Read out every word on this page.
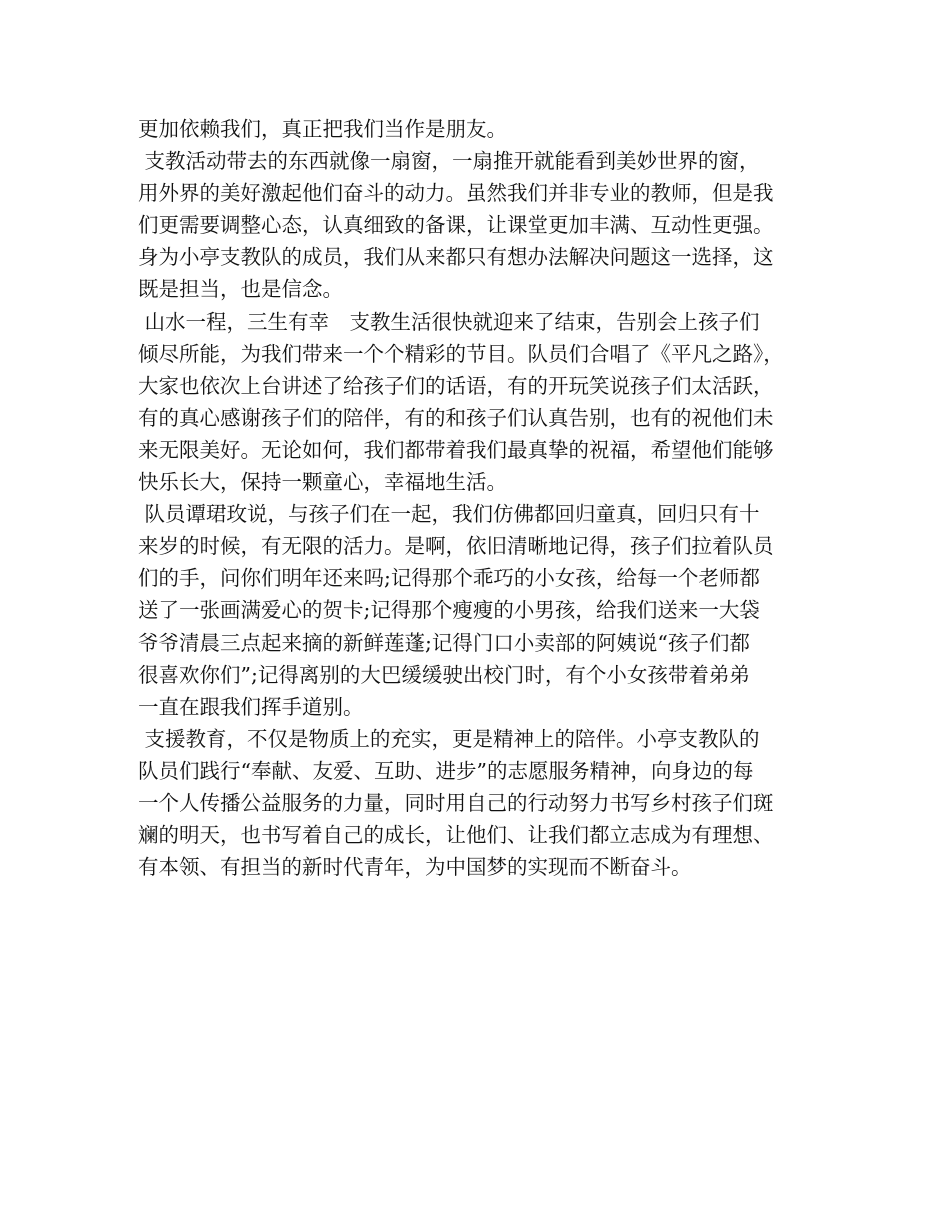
更加依赖我们，真正把我们当作是朋友。
支教活动带去的东西就像一扇窗，一扇推开就能看到美妙世界的窗，
用外界的美好激起他们奋斗的动力。虽然我们并非专业的教师，但是我
们更需要调整心态，认真细致的备课，让课堂更加丰满、互动性更强。
身为小亭支教队的成员，我们从来都只有想办法解决问题这一选择，这
既是担当，也是信念。
山水一程，三生有幸　支教生活很快就迎来了结束，告别会上孩子们
倾尽所能，为我们带来一个个精彩的节目。队员们合唱了《平凡之路》，
大家也依次上台讲述了给孩子们的话语，有的开玩笑说孩子们太活跃，
有的真心感谢孩子们的陪伴，有的和孩子们认真告别，也有的祝他们未
来无限美好。无论如何，我们都带着我们最真挚的祝福，希望他们能够
快乐长大，保持一颗童心，幸福地生活。
队员谭珺玫说，与孩子们在一起，我们仿佛都回归童真，回归只有十
来岁的时候，有无限的活力。是啊，依旧清晰地记得，孩子们拉着队员
们的手，问你们明年还来吗;记得那个乖巧的小女孩，给每一个老师都
送了一张画满爱心的贺卡;记得那个瘦瘦的小男孩，给我们送来一大袋
爷爷清晨三点起来摘的新鲜莲蓬;记得门口小卖部的阿姨说“孩子们都
很喜欢你们”;记得离别的大巴缓缓驶出校门时，有个小女孩带着弟弟
一直在跟我们挥手道别。
支援教育，不仅是物质上的充实，更是精神上的陪伴。小亭支教队的
队员们践行“奉献、友爱、互助、进步”的志愿服务精神，向身边的每
一个人传播公益服务的力量，同时用自己的行动努力书写乡村孩子们斑
斓的明天，也书写着自己的成长，让他们、让我们都立志成为有理想、
有本领、有担当的新时代青年，为中国梦的实现而不断奋斗。
